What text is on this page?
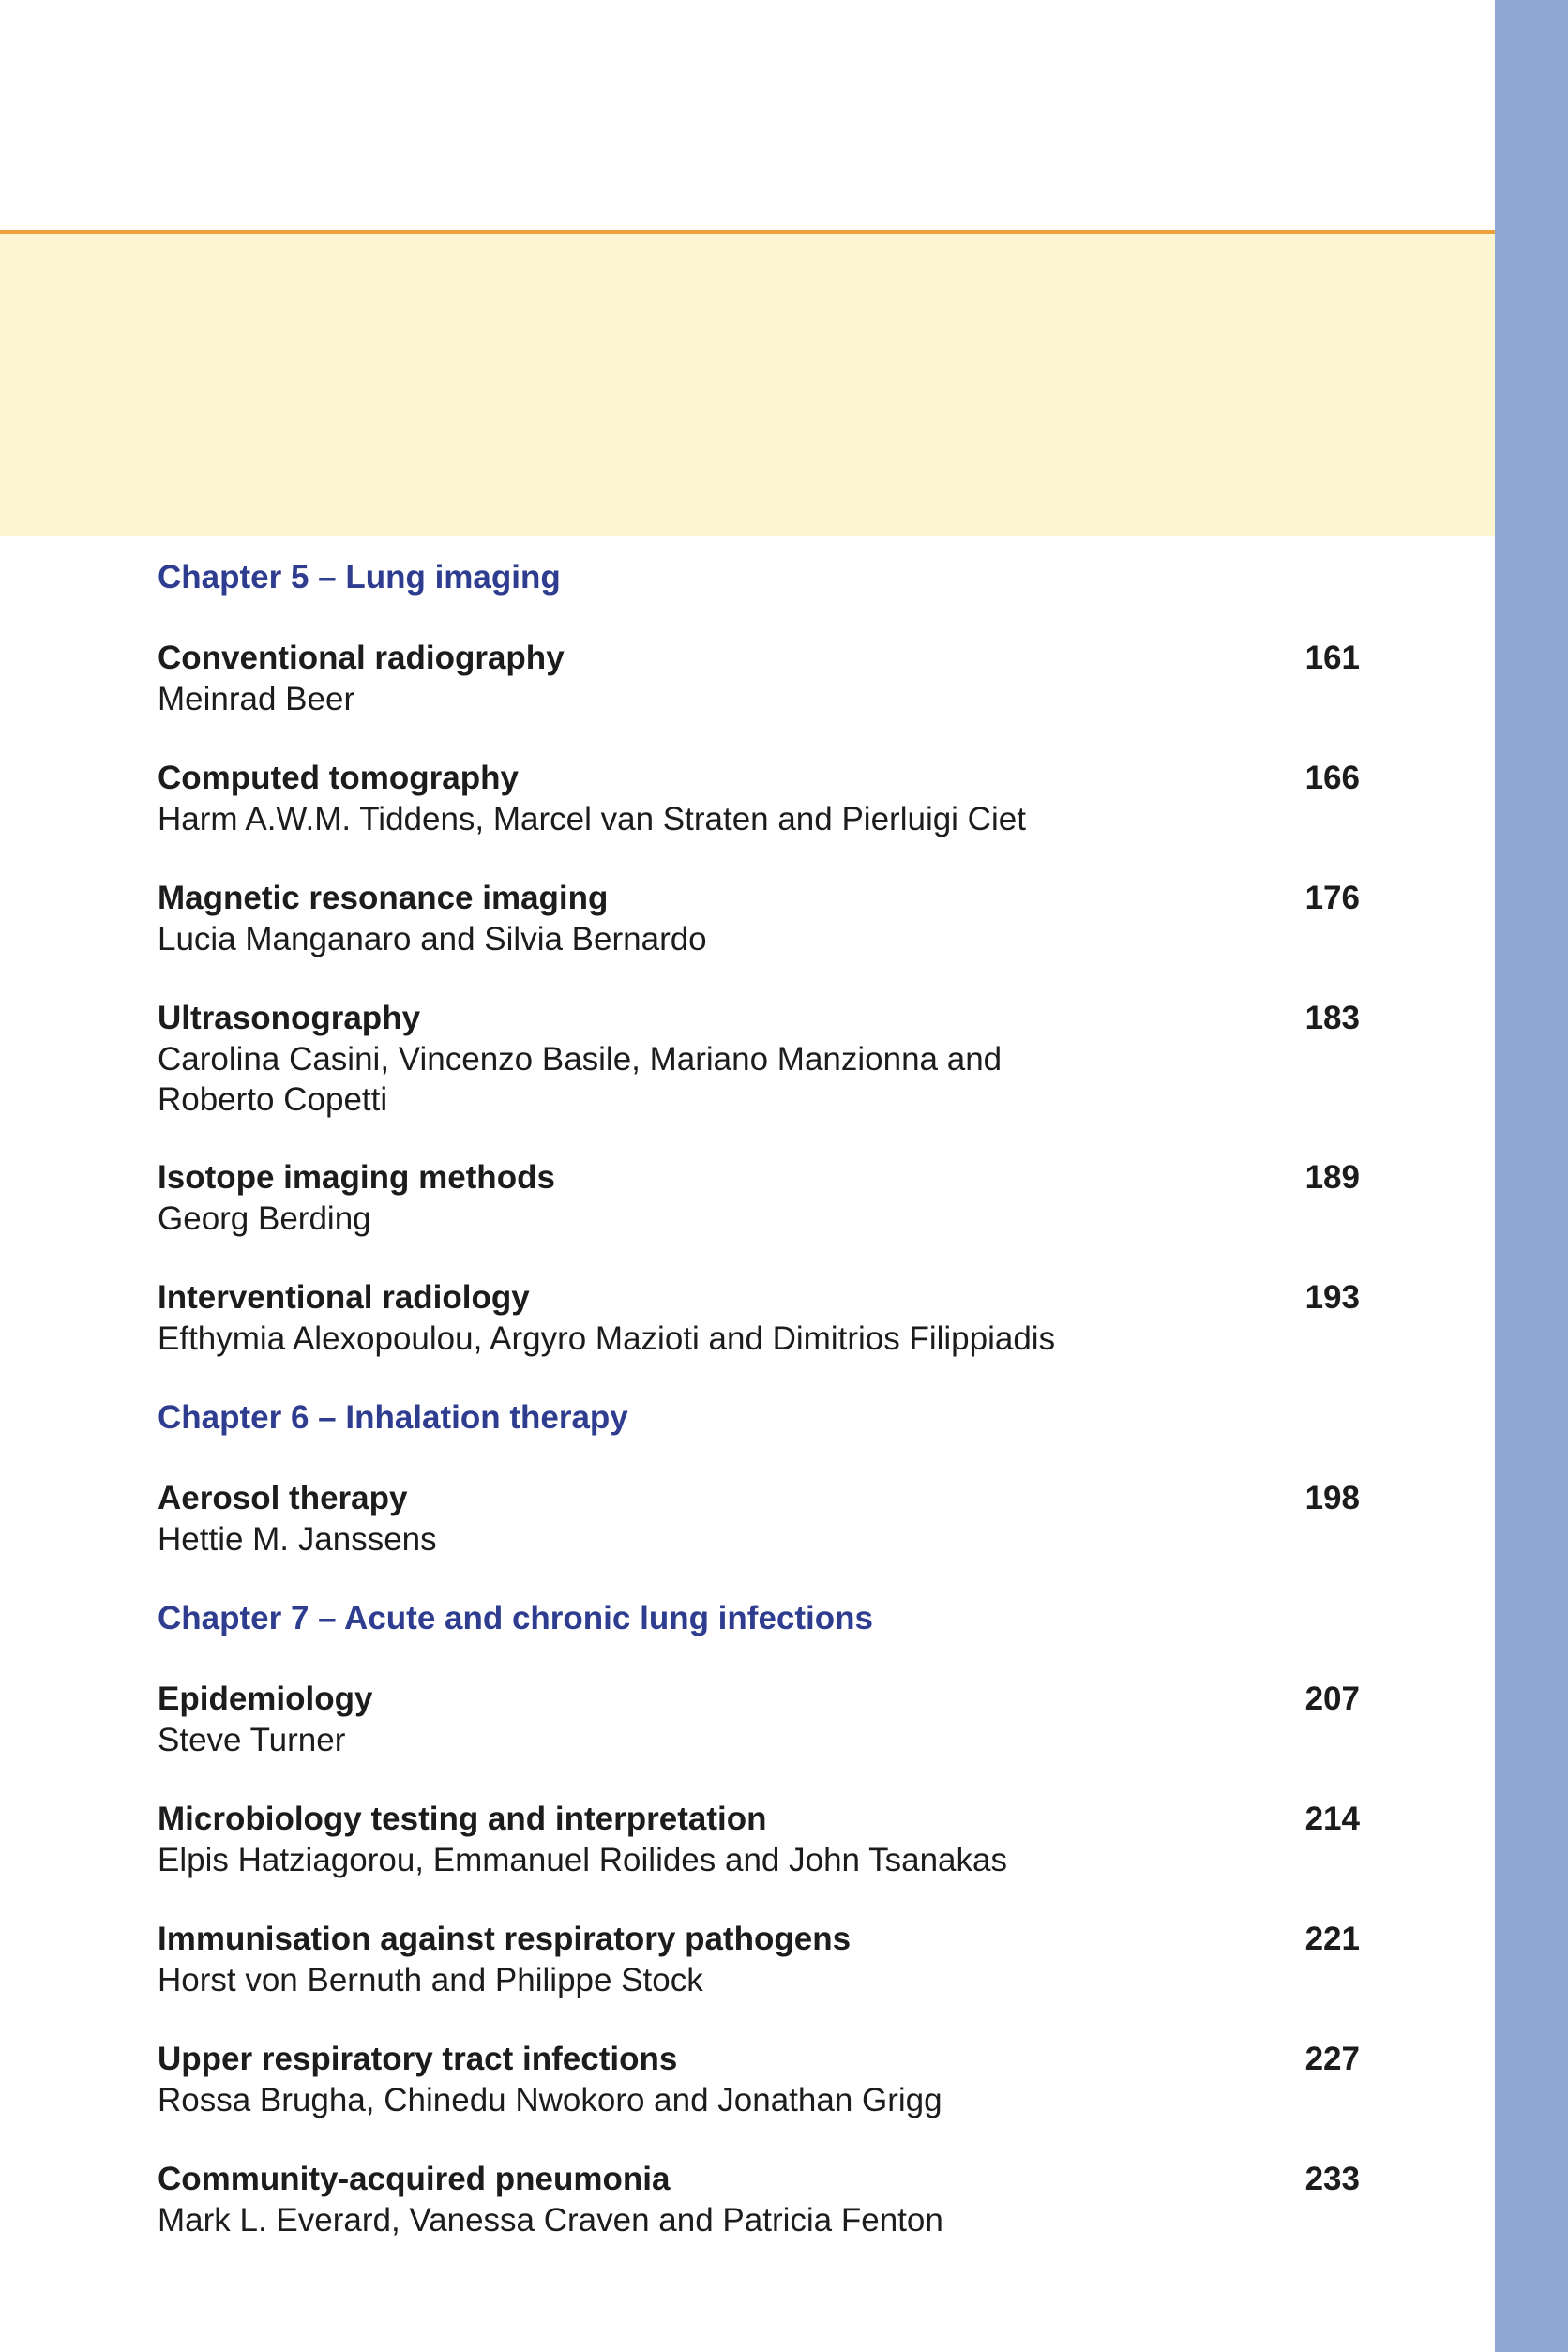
Chapter 5 – Lung imaging
Conventional radiography
Meinrad Beer
161
Computed tomography
Harm A.W.M. Tiddens, Marcel van Straten and Pierluigi Ciet
166
Magnetic resonance imaging
Lucia Manganaro and Silvia Bernardo
176
Ultrasonography
Carolina Casini, Vincenzo Basile, Mariano Manzionna and Roberto Copetti
183
Isotope imaging methods
Georg Berding
189
Interventional radiology
Efthymia Alexopoulou, Argyro Mazioti and Dimitrios Filippiadis
193
Chapter 6 – Inhalation therapy
Aerosol therapy
Hettie M. Janssens
198
Chapter 7 – Acute and chronic lung infections
Epidemiology
Steve Turner
207
Microbiology testing and interpretation
Elpis Hatziagorou, Emmanuel Roilides and John Tsanakas
214
Immunisation against respiratory pathogens
Horst von Bernuth and Philippe Stock
221
Upper respiratory tract infections
Rossa Brugha, Chinedu Nwokoro and Jonathan Grigg
227
Community-acquired pneumonia
Mark L. Everard, Vanessa Craven and Patricia Fenton
233
